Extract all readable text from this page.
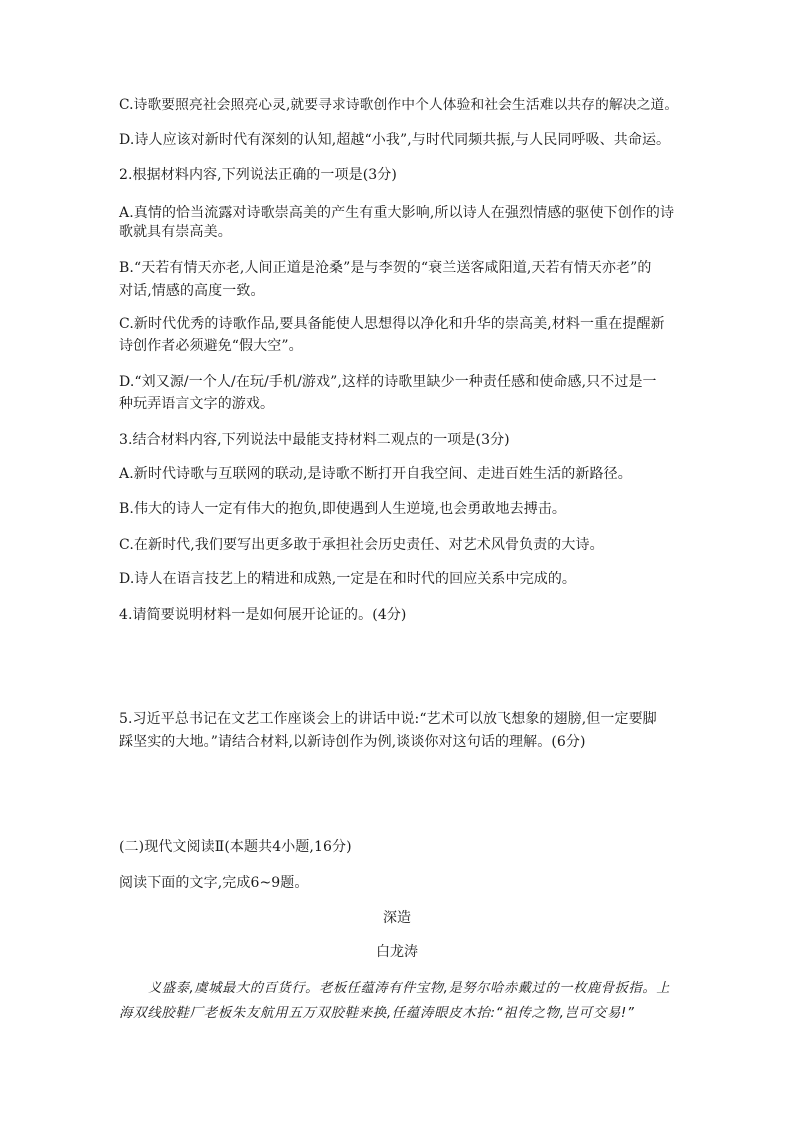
C.诗歌要照亮社会照亮心灵,就要寻求诗歌创作中个人体验和社会生活难以共存的解决之道。
D.诗人应该对新时代有深刻的认知,超越“小我”,与时代同频共振,与人民同呼吸、共命运。
2.根据材料内容,下列说法正确的一项是(3分)
A.真情的恰当流露对诗歌崇高美的产生有重大影响,所以诗人在强烈情感的驱使下创作的诗
歌就具有崇高美。
B.“天若有情天亦老,人间正道是沧桑”是与李贺的“衰兰送客咸阳道,天若有情天亦老”的
对话,情感的高度一致。
C.新时代优秀的诗歌作品,要具备能使人思想得以净化和升华的崇高美,材料一重在提醒新
诗创作者必须避免“假大空”。
D.“刘又源/一个人/在玩/手机/游戏”,这样的诗歌里缺少一种责任感和使命感,只不过是一
种玩弄语言文字的游戏。
3.结合材料内容,下列说法中最能支持材料二观点的一项是(3分)
A.新时代诗歌与互联网的联动,是诗歌不断打开自我空间、走进百姓生活的新路径。
B.伟大的诗人一定有伟大的抱负,即使遇到人生逆境,也会勇敢地去搏击。
C.在新时代,我们要写出更多敢于承担社会历史责任、对艺术风骨负责的大诗。
D.诗人在语言技艺上的精进和成熟,一定是在和时代的回应关系中完成的。
4.请简要说明材料一是如何展开论证的。(4分)
5.习近平总书记在文艺工作座谈会上的讲话中说:“艺术可以放飞想象的翅膀,但一定要脚
踩坚实的大地。”请结合材料,以新诗创作为例,谈谈你对这句话的理解。(6分)
(二)现代文阅读Ⅱ(本题共4小题,16分)
阅读下面的文字,完成6~9题。
深造
白龙涛
义盛泰,虞城最大的百货行。老板任蕴涛有件宝物,是努尔哈赤戴过的一枚鹿骨扳指。上
海双线胶鞋厂老板朱友航用五万双胶鞋来换,任蕴涛眼皮木抬:“祖传之物,岂可交易!”
